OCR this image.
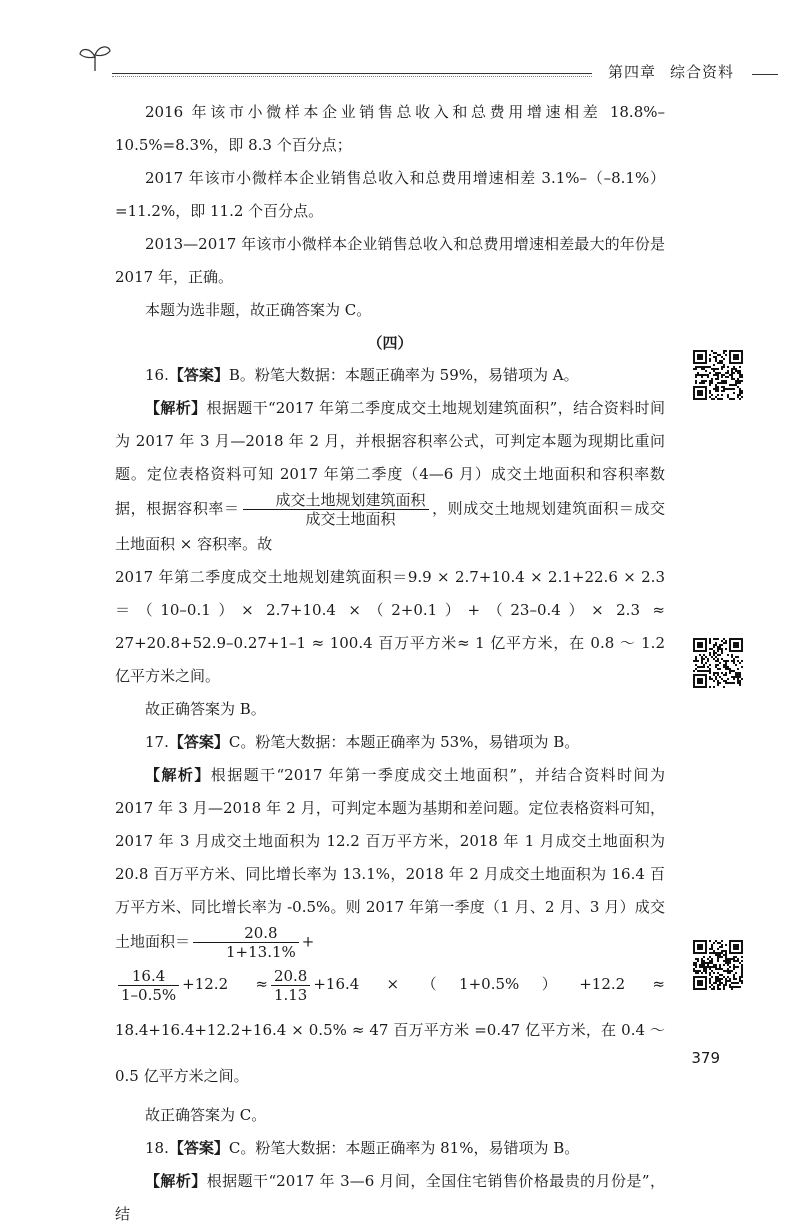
第四章 综合资料

2016 年该市小微样本企业销售总收入和总费用增速相差 18.8%–10.5%=8.3%，即 8.3 个百分点；

2017 年该市小微样本企业销售总收入和总费用增速相差 3.1%–（–8.1%）=11.2%，即 11.2 个百分点。

2013—2017 年该市小微样本企业销售总收入和总费用增速相差最大的年份是 2017 年，正确。

本题为选非题，故正确答案为 C。

（四）

16.【答案】B。粉笔大数据：本题正确率为 59%，易错项为 A。

【解析】根据题干“2017 年第二季度成交土地规划建筑面积”，结合资料时间为 2017 年 3 月—2018 年 2 月，并根据容积率公式，可判定本题为现期比重问题。定位表格资料可知 2017 年第二季度（4—6 月）成交土地面积和容积率数据，根据容积率＝ $\frac{\text{成交土地规划建筑面积}}{\text{成交土地面积}}$ ，则成交土地规划建筑面积＝成交土地面积 × 容积率。故

2017 年第二季度成交土地规划建筑面积＝9.9 × 2.7+10.4 × 2.1+22.6 × 2.3＝（10–0.1）× 2.7+10.4 ×（2+0.1）+（23–0.4）× 2.3 ≈ 27+20.8+52.9–0.27+1–1 ≈ 100.4 百万平方米≈ 1 亿平方米，在 0.8 ～ 1.2 亿平方米之间。

故正确答案为 B。

17.【答案】C。粉笔大数据：本题正确率为 53%，易错项为 B。

【解析】根据题干“2017 年第一季度成交土地面积”，并结合资料时间为 2017 年 3 月—2018 年 2 月，可判定本题为基期和差问题。定位表格资料可知，2017 年 3 月成交土地面积为 12.2 百万平方米，2018 年 1 月成交土地面积为 20.8 百万平方米、同比增长率为 13.1%，2018 年 2 月成交土地面积为 16.4 百万平方米、同比增长率为 -0.5%。则 2017 年第一季度（1 月、2 月、3 月）成交土地面积＝ $\frac{20.8}{1+13.1\%}$ +

$\frac{16.4}{1-0.5\%} +12.2 \approx \frac{20.8}{1.13} +16.4 \times(1+0.5\%)+12.2 \approx 18.4+16.4+12.2+16.4 \times 0.5\% \approx 47$ 百万平方米 =0.47 亿平方米，在 0.4 ～ 0.5 亿平方米之间。

故正确答案为 C。

18.【答案】C。粉笔大数据：本题正确率为 81%，易错项为 B。

【解析】根据题干“2017 年 3—6 月间，全国住宅销售价格最贵的月份是”，结

379
